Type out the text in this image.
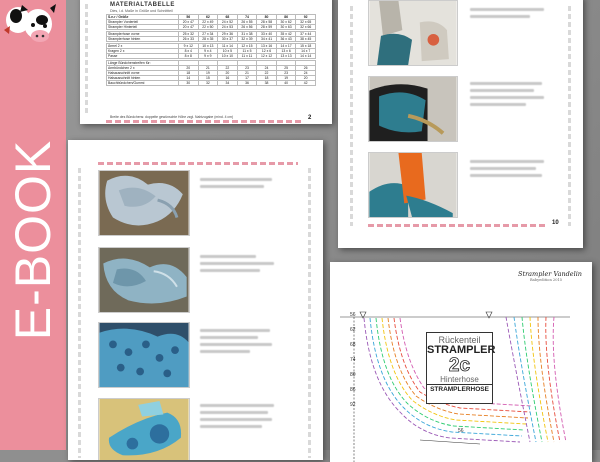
E-BOOK
MATERIALTABELLE
Dies, i.d. Maße in Größe und Schnittteil
S.n.r / Größe	56	62	68	74	80	86	92
Strampler Vorderteil	20 x 47	22 x 49	24 x 52	26 x 55	28 x 58	30 x 62	32 x 65
Strampler Hinterteil	20 x 47	22 x 50	24 x 53	26 x 56	28 x 59	30 x 63	32 x 66

Stramplerhose vorne	25 x 32	27 x 34	29 x 36	31 x 38	33 x 40	35 x 42	37 x 44
Stramplerhose hinten	26 x 33	28 x 35	30 x 37	32 x 39	34 x 41	36 x 43	38 x 45

Ärmel 2 x	9 x 12	10 x 13	11 x 14	12 x 15	13 x 16	14 x 17	15 x 18
Kragen 2 x	8 x 4	9 x 4	10 x 5	11 x 5	12 x 6	13 x 6	14 x 7
Passe	8 x 8	9 x 9	10 x 10	11 x 11	12 x 12	13 x 13	14 x 14

Länge Bündchenstreifen für:							
Armbündchen 2 x	20	21	22	23	24	25	26
Halsausschnitt vorne	18	19	20	21	22	23	24
Halsausschnitt hinten	14	15	16	17	18	19	20
Bauchbündchen/Gummi	30	32	34	36	38	40	42
Breite des Bündchens: doppelte gewünschte Höhe zzgl. Nahtzugabe (mind. 4 cm)	2
10
Strampler Vandelin
Babyedition 2015
56
62
68
74
80
86
92
56
Rückenteil
STRAMPLER
2c
Hinterhose
STRAMPLERHOSE
